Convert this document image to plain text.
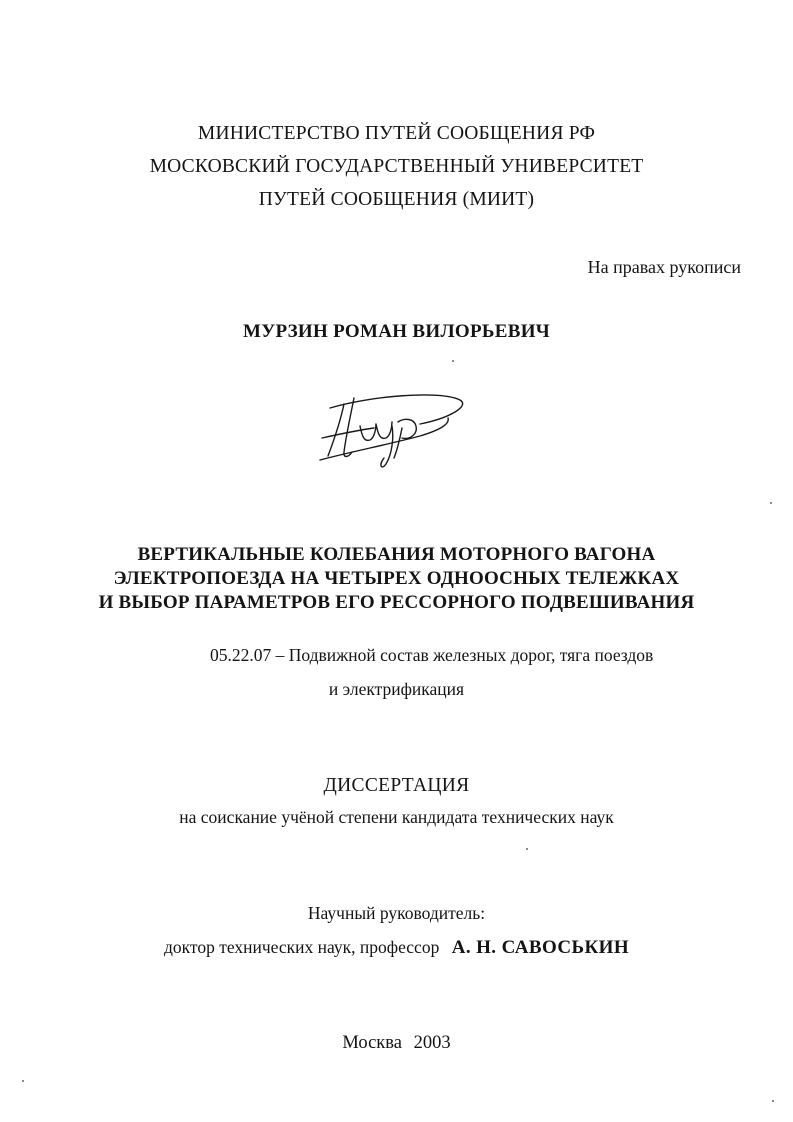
МИНИСТЕРСТВО ПУТЕЙ СООБЩЕНИЯ РФ
МОСКОВСКИЙ ГОСУДАРСТВЕННЫЙ УНИВЕРСИТЕТ
ПУТЕЙ СООБЩЕНИЯ (МИИТ)
На правах рукописи
МУРЗИН РОМАН ВИЛОРЬЕВИЧ
ВЕРТИКАЛЬНЫЕ КОЛЕБАНИЯ МОТОРНОГО ВАГОНА
ЭЛЕКТРОПОЕЗДА НА ЧЕТЫРЕХ ОДНООСНЫХ ТЕЛЕЖКАХ
И ВЫБОР ПАРАМЕТРОВ ЕГО РЕССОРНОГО ПОДВЕШИВАНИЯ
05.22.07 – Подвижной состав железных дорог, тяга поездов
и электрификация
ДИССЕРТАЦИЯ
на соискание учёной степени кандидата технических наук
Научный руководитель:
доктор технических наук, профессор А. Н. САВОСЬКИН
Москва 2003
